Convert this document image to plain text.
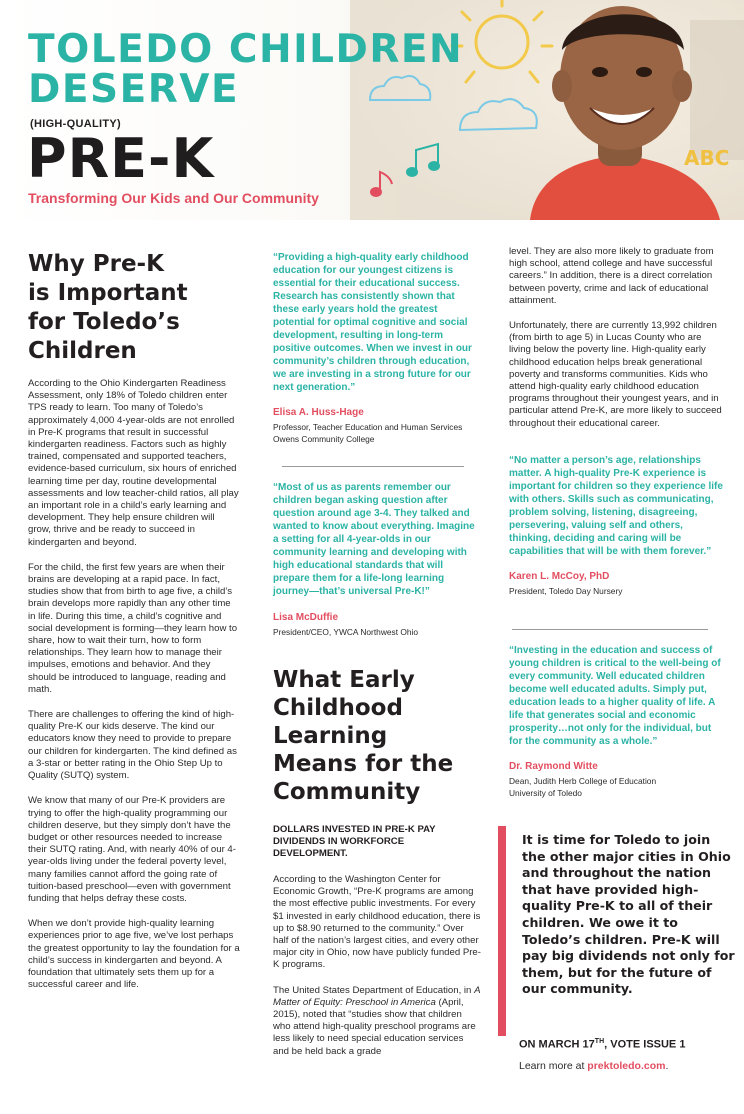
TOLEDO CHILDREN
DESERVE
(HIGH-QUALITY)
PRE-K
Transforming Our Kids and Our Community
ABC
Why Pre-K
is Important
for Toledo’s
Children

According to the Ohio Kindergarten Readiness Assessment, only 18% of Toledo children enter TPS ready to learn. Too many of Toledo’s approximately 4,000 4-year-olds are not enrolled in Pre-K programs that result in successful kindergarten readiness. Factors such as highly trained, compensated and supported teachers, evidence-based curriculum, six hours of enriched learning time per day, routine developmental assessments and low teacher-child ratios, all play an important role in a child’s early learning and development. They help ensure children will grow, thrive and be ready to succeed in kindergarten and beyond.

For the child, the first few years are when their brains are developing at a rapid pace. In fact, studies show that from birth to age five, a child’s brain develops more rapidly than any other time in life. During this time, a child’s cognitive and social development is forming—they learn how to share, how to wait their turn, how to form relationships. They learn how to manage their impulses, emotions and behavior. And they should be introduced to language, reading and math.

There are challenges to offering the kind of high-quality Pre-K our kids deserve. The kind our educators know they need to provide to prepare our children for kindergarten. The kind defined as a 3-star or better rating in the Ohio Step Up to Quality (SUTQ) system.

We know that many of our Pre-K providers are trying to offer the high-quality programming our children deserve, but they simply don’t have the budget or other resources needed to increase their SUTQ rating. And, with nearly 40% of our 4-year-olds living under the federal poverty level, many families cannot afford the going rate of tuition-based preschool—even with government funding that helps defray these costs.

When we don’t provide high-quality learning experiences prior to age five, we’ve lost perhaps the greatest opportunity to lay the foundation for a child’s success in kindergarten and beyond. A foundation that ultimately sets them up for a successful career and life.

“Providing a high-quality early childhood education for our youngest citizens is essential for their educational success. Research has consistently shown that these early years hold the greatest potential for optimal cognitive and social development, resulting in long-term positive outcomes. When we invest in our community’s children through education, we are investing in a strong future for our next generation.”

Elisa A. Huss-Hage

Professor, Teacher Education and Human Services

Owens Community College

“Most of us as parents remember our children began asking question after question around age 3-4. They talked and wanted to know about everything. Imagine a setting for all 4-year-olds in our community learning and developing with high educational standards that will prepare them for a life-long learning journey—that’s universal Pre-K!”

Lisa McDuffie

President/CEO, YWCA Northwest Ohio

What Early
Childhood
Learning
Means for the
Community

DOLLARS INVESTED IN PRE-K PAY DIVIDENDS IN WORKFORCE DEVELOPMENT.

According to the Washington Center for Economic Growth, “Pre-K programs are among the most effective public investments. For every $1 invested in early childhood education, there is up to $8.90 returned to the community.” Over half of the nation’s largest cities, and every other major city in Ohio, now have publicly funded Pre-K programs.

The United States Department of Education, in A Matter of Equity: Preschool in America (April, 2015), noted that “studies show that children who attend high-quality preschool programs are less likely to need special education services and be held back a grade

level. They are also more likely to graduate from high school, attend college and have successful careers.” In addition, there is a direct correlation between poverty, crime and lack of educational attainment.

Unfortunately, there are currently 13,992 children (from birth to age 5) in Lucas County who are living below the poverty line. High-quality early childhood education helps break generational poverty and transforms communities. Kids who attend high-quality early childhood education programs throughout their youngest years, and in particular attend Pre-K, are more likely to succeed throughout their educational career.

“No matter a person’s age, relationships matter. A high-quality Pre-K experience is important for children so they experience life with others. Skills such as communicating, problem solving, listening, disagreeing, persevering, valuing self and others, thinking, deciding and caring will be capabilities that will be with them forever.”

Karen L. McCoy, PhD

President, Toledo Day Nursery

“Investing in the education and success of young children is critical to the well-being of every community. Well educated children become well educated adults. Simply put, education leads to a higher quality of life. A life that generates social and economic prosperity…not only for the individual, but for the community as a whole.”

Dr. Raymond Witte

Dean, Judith Herb College of Education

University of Toledo

It is time for Toledo to join the other major cities in Ohio and throughout the nation that have provided high-quality Pre-K to all of their children. We owe it to Toledo’s children. Pre-K will pay big dividends not only for them, but for the future of our community.

ON MARCH 17TH, VOTE ISSUE 1
Learn more at prektoledo.com.
